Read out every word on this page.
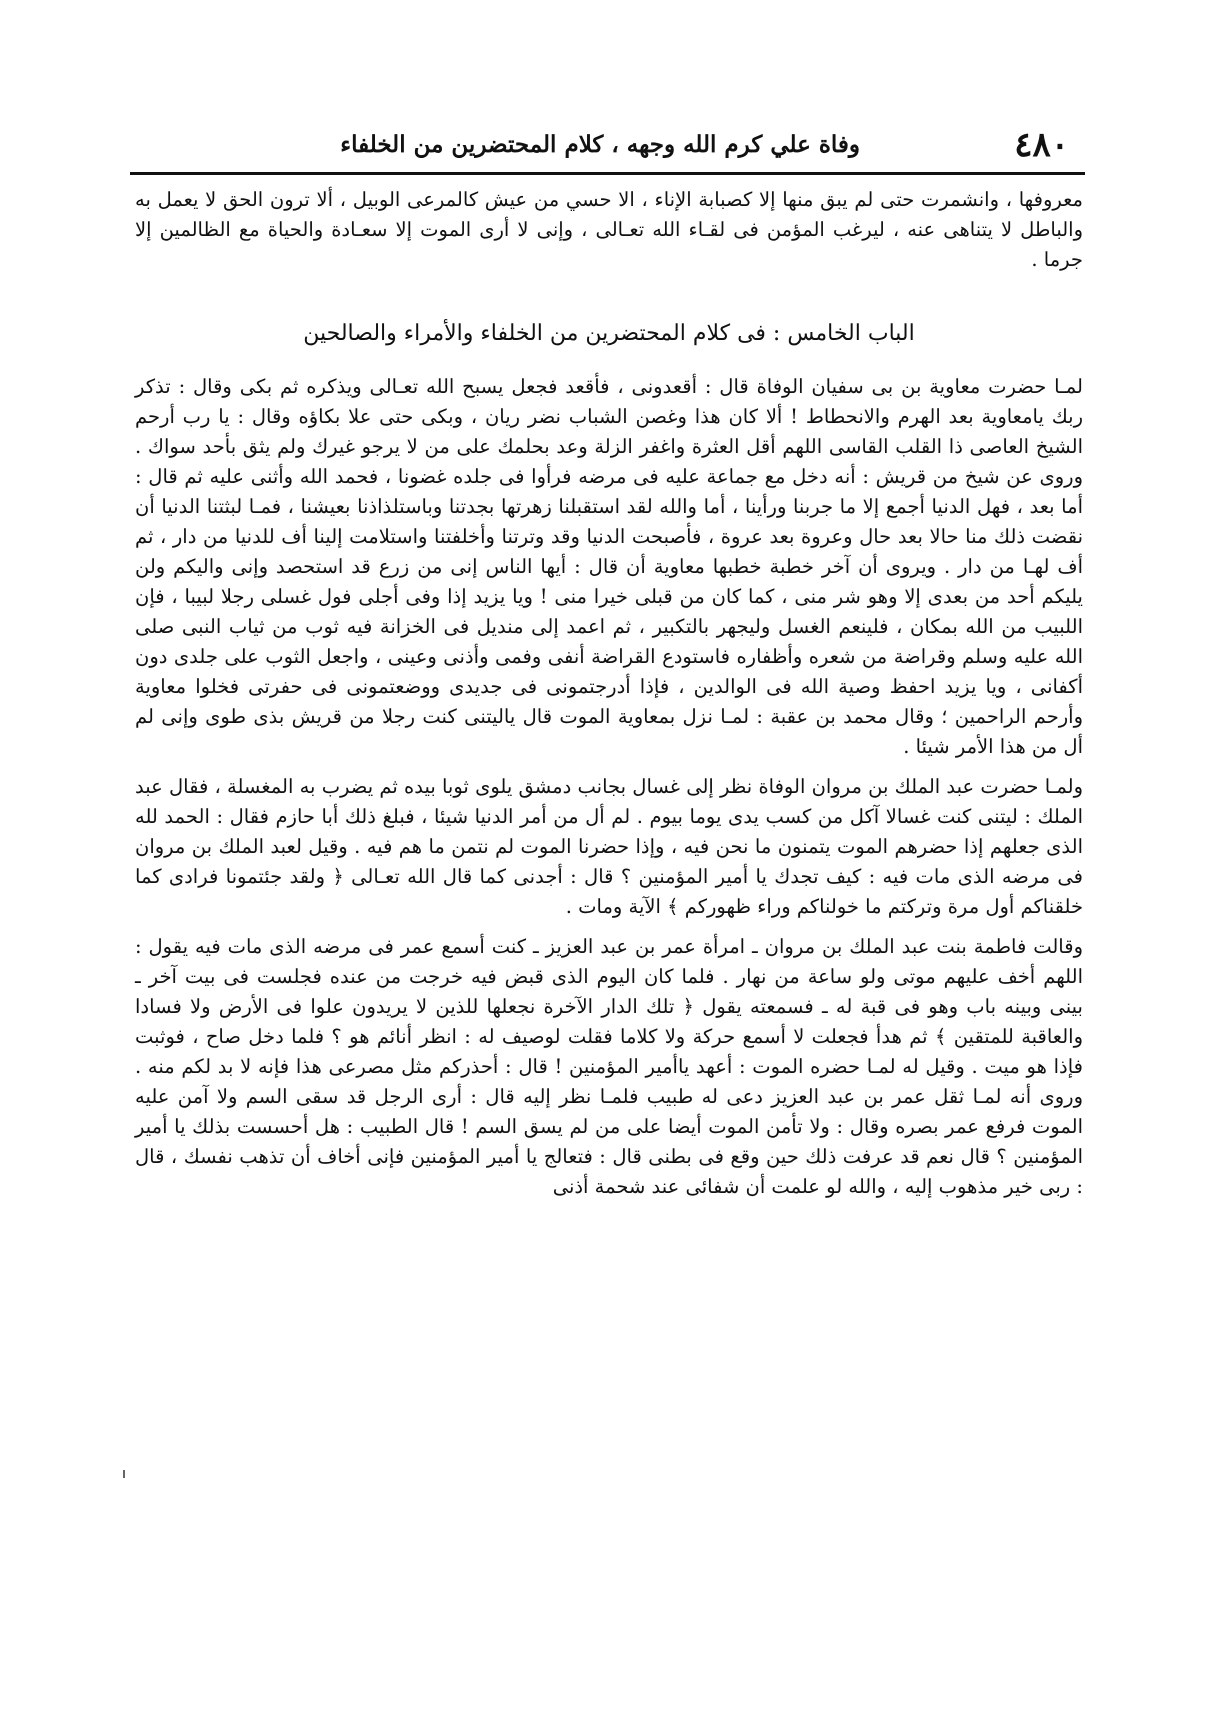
٤٨٠
وفاة علي كرم الله وجهه ، كلام المحتضرين من الخلفاء

معروفها ، وانشمرت حتى لم يبق منها إلا كصبابة الإناء ، الا حسي من عيش كالمرعى الوبيل ، ألا ترون الحق لا يعمل به والباطل لا يتناهى عنه ، ليرغب المؤمن فى لقـاء الله تعـالى ، وإنى لا أرى الموت إلا سعـادة والحياة مع الظالمين إلا جرما .

الباب الخامس : فى كلام المحتضرين من الخلفاء والأمراء والصالحين

لمـا حضرت معاوية بن بى سفيان الوفاة قال : أقعدونى ، فأقعد فجعل يسبح الله تعـالى ويذكره ثم بكى وقال : تذكر ربك يامعاوية بعد الهرم والانحطاط ! ألا كان هذا وغصن الشباب نضر ريان ، وبكى حتى علا بكاؤه وقال : يا رب أرحم الشيخ العاصى ذا القلب القاسى اللهم أقل العثرة واغفر الزلة وعد بحلمك على من لا يرجو غيرك ولم يثق بأحد سواك . وروى عن شيخ من قريش : أنه دخل مع جماعة عليه فى مرضه فرأوا فى جلده غضونا ، فحمد الله وأثنى عليه ثم قال : أما بعد ، فهل الدنيا أجمع إلا ما جربنا ورأينا ، أما والله لقد استقبلنا زهرتها بجدتنا وباستلذاذنا بعيشنا ، فمـا لبثتنا الدنيا أن نقضت ذلك منا حالا بعد حال وعروة بعد عروة ، فأصبحت الدنيا وقد وترتنا وأخلفتنا واستلامت إلينا أف للدنيا من دار ، ثم أف لهـا من دار . ويروى أن آخر خطبة خطبها معاوية أن قال : أيها الناس إنى من زرع قد استحصد وإنى واليكم ولن يليكم أحد من بعدى إلا وهو شر منى ، كما كان من قبلى خيرا منى ! ويا يزيد إذا وفى أجلى فول غسلى رجلا لبيبا ، فإن اللبيب من الله بمكان ، فلينعم الغسل وليجهر بالتكبير ، ثم اعمد إلى منديل فى الخزانة فيه ثوب من ثياب النبى صلى الله عليه وسلم وقراضة من شعره وأظفاره فاستودع القراضة أنفى وفمى وأذنى وعينى ، واجعل الثوب على جلدى دون أكفانى ، ويا يزيد احفظ وصية الله فى الوالدين ، فإذا أدرجتمونى فى جديدى ووضعتمونى فى حفرتى فخلوا معاوية وأرحم الراحمين ؛ وقال محمد بن عقبة : لمـا نزل بمعاوية الموت قال ياليتنى كنت رجلا من قريش بذى طوى وإنى لم أل من هذا الأمر شيئا .

ولمـا حضرت عبد الملك بن مروان الوفاة نظر إلى غسال بجانب دمشق يلوى ثوبا بيده ثم يضرب به المغسلة ، فقال عبد الملك : ليتنى كنت غسالا آكل من كسب يدى يوما بيوم . لم أل من أمر الدنيا شيئا ، فبلغ ذلك أبا حازم فقال : الحمد لله الذى جعلهم إذا حضرهم الموت يتمنون ما نحن فيه ، وإذا حضرنا الموت لم نتمن ما هم فيه . وقيل لعبد الملك بن مروان فى مرضه الذى مات فيه : كيف تجدك يا أمير المؤمنين ؟ قال : أجدنى كما قال الله تعـالى ﴿ ولقد جئتمونا فرادى كما خلقناكم أول مرة وتركتم ما خولناكم وراء ظهوركم ﴾ الآية ومات .

وقالت فاطمة بنت عبد الملك بن مروان ـ امرأة عمر بن عبد العزيز ـ كنت أسمع عمر فى مرضه الذى مات فيه يقول : اللهم أخف عليهم موتى ولو ساعة من نهار . فلما كان اليوم الذى قبض فيه خرجت من عنده فجلست فى بيت آخر ـ بينى وبينه باب وهو فى قبة له ـ فسمعته يقول ﴿ تلك الدار الآخرة نجعلها للذين لا يريدون علوا فى الأرض ولا فسادا والعاقبة للمتقين ﴾ ثم هدأ فجعلت لا أسمع حركة ولا كلاما فقلت لوصيف له : انظر أنائم هو ؟ فلما دخل صاح ، فوثبت فإذا هو ميت . وقيل له لمـا حضره الموت : أعهد ياأمير المؤمنين ! قال : أحذركم مثل مصرعى هذا فإنه لا بد لكم منه . وروى أنه لمـا ثقل عمر بن عبد العزيز دعى له طبيب فلمـا نظر إليه قال : أرى الرجل قد سقى السم ولا آمن عليه الموت فرفع عمر بصره وقال : ولا تأمن الموت أيضا على من لم يسق السم ! قال الطبيب : هل أحسست بذلك يا أمير المؤمنين ؟ قال نعم قد عرفت ذلك حين وقع فى بطنى قال : فتعالج يا أمير المؤمنين فإنى أخاف أن تذهب نفسك ، قال : ربى خير مذهوب إليه ، والله لو علمت أن شفائى عند شحمة أذنى
